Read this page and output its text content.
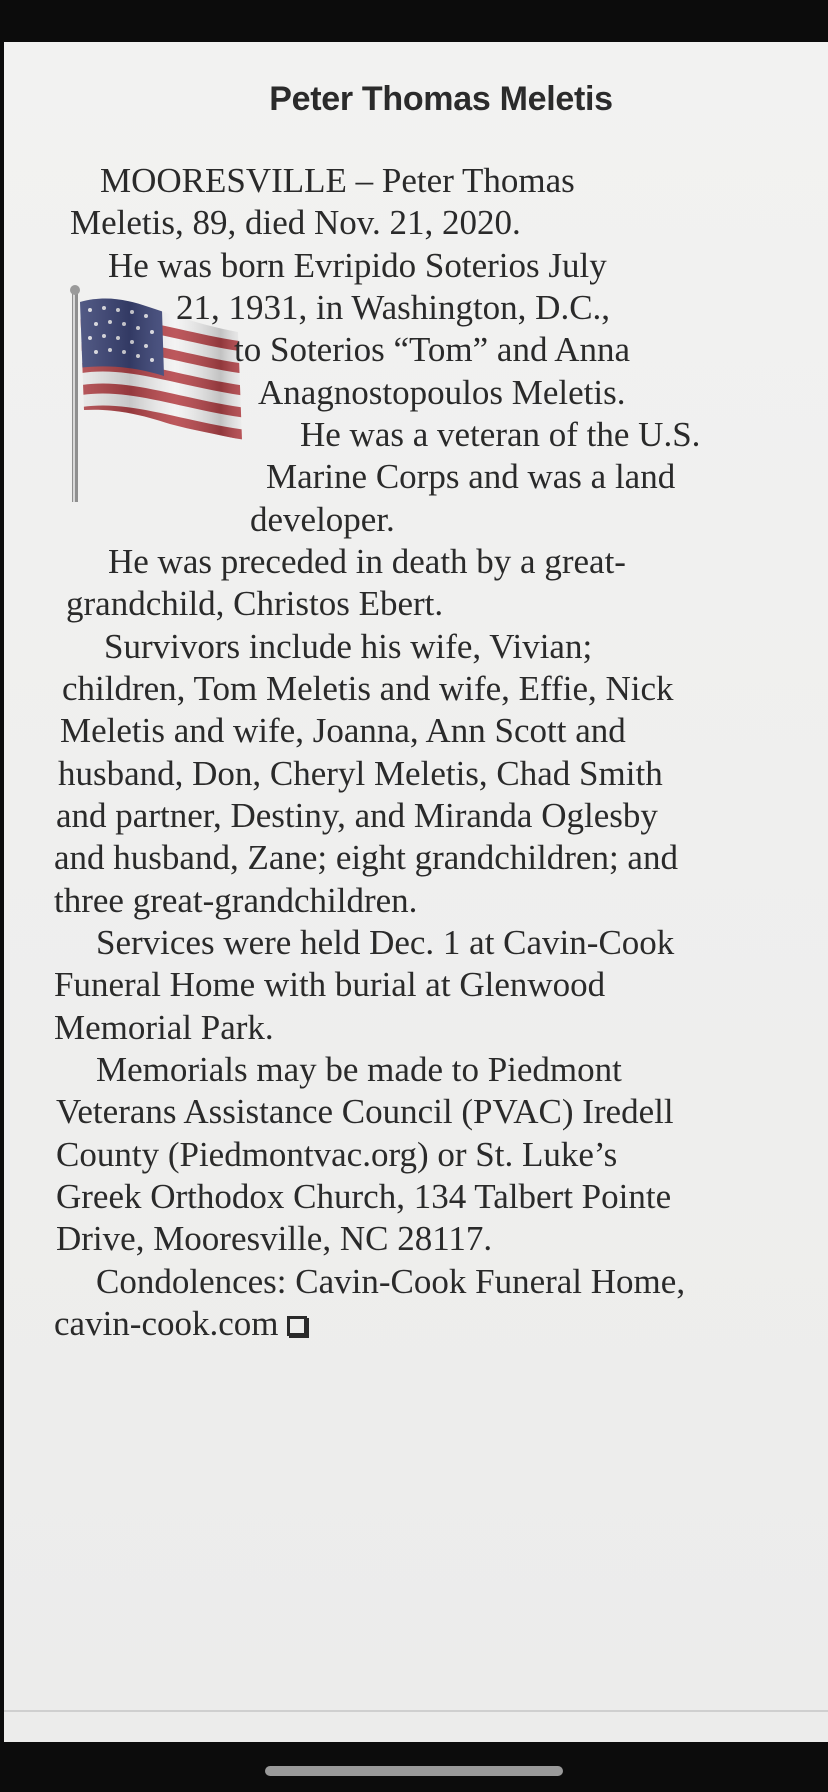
Peter Thomas Meletis
MOORESVILLE – Peter Thomas
Meletis, 89, died Nov. 21, 2020.
He was born Evripido Soterios July
21, 1931, in Washington, D.C.,
to Soterios “Tom” and Anna
Anagnostopoulos Meletis.
He was a veteran of the U.S.
Marine Corps and was a land
developer.
He was preceded in death by a great-
grandchild, Christos Ebert.
Survivors include his wife, Vivian;
children, Tom Meletis and wife, Effie, Nick
Meletis and wife, Joanna, Ann Scott and
husband, Don, Cheryl Meletis, Chad Smith
and partner, Destiny, and Miranda Oglesby
and husband, Zane; eight grandchildren; and
three great-grandchildren.
Services were held Dec. 1 at Cavin-Cook
Funeral Home with burial at Glenwood
Memorial Park.
Memorials may be made to Piedmont
Veterans Assistance Council (PVAC) Iredell
County (Piedmontvac.org) or St. Luke’s
Greek Orthodox Church, 134 Talbert Pointe
Drive, Mooresville, NC 28117.
Condolences: Cavin-Cook Funeral Home,
cavin-cook.com
